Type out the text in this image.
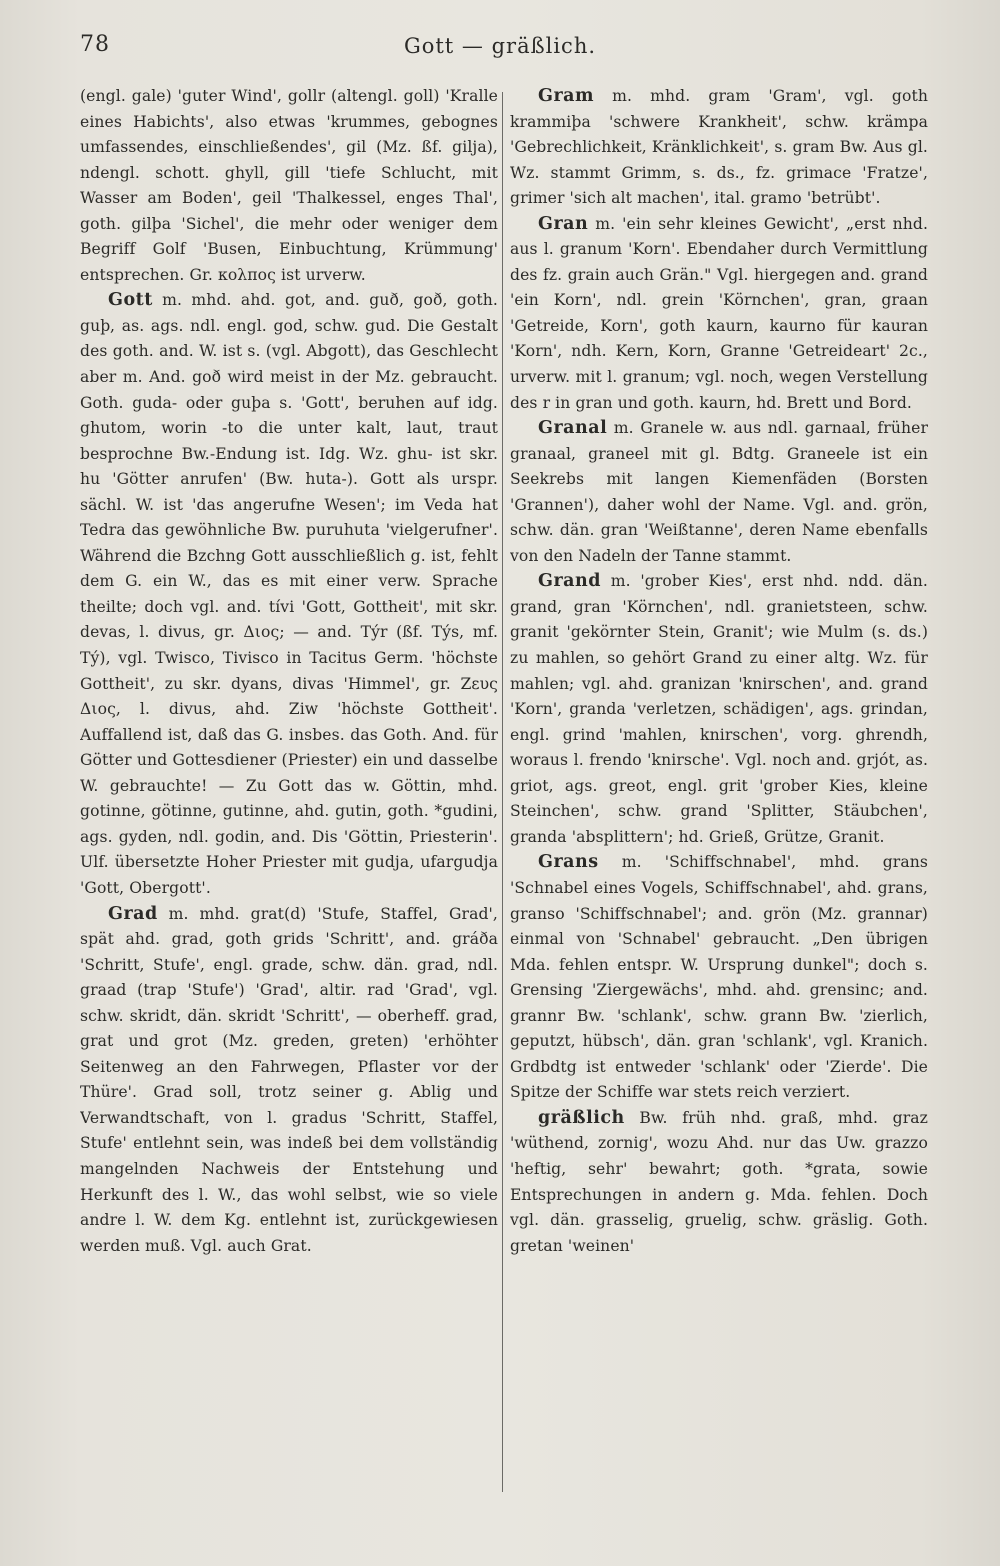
78	Gott — gräßlich.

(engl. gale) 'guter Wind', gollr (altengl. goll) 'Kralle eines Habichts', also etwas 'krummes, gebognes umfassendes, einschließendes', gil (Mz. ßf. gilja), ndengl. schott. ghyll, gill 'tiefe Schlucht, mit Wasser am Boden', geil 'Thalkessel, enges Thal', goth. gilþa 'Sichel', die mehr oder weniger dem Begriff Golf 'Busen, Einbuchtung, Krümmung' entsprechen. Gr. κολπος ist urverw.

Gott m. mhd. ahd. got, and. guð, goð, goth. guþ, as. ags. ndl. engl. god, schw. gud. Die Gestalt des goth. and. W. ist s. (vgl. Abgott), das Geschlecht aber m. And. goð wird meist in der Mz. gebraucht. Goth. guda- oder guþa s. 'Gott', beruhen auf idg. ghutom, worin -to die unter kalt, laut, traut besprochne Bw.-Endung ist. Idg. Wz. ghu- ist skr. hu 'Götter anrufen' (Bw. huta-). Gott als urspr. sächl. W. ist 'das angerufne Wesen'; im Veda hat Tedra das gewöhnliche Bw. puruhuta 'vielgerufner'. Während die Bzchng Gott ausschließlich g. ist, fehlt dem G. ein W., das es mit einer verw. Sprache theilte; doch vgl. and. tívi 'Gott, Gottheit', mit skr. devas, l. divus, gr. Διος; — and. Týr (ßf. Týs, mf. Tý), vgl. Twisco, Tivisco in Tacitus Germ. 'höchste Gottheit', zu skr. dyans, divas 'Himmel', gr. Ζευς Διος, l. divus, ahd. Ziw 'höchste Gottheit'. Auffallend ist, daß das G. insbes. das Goth. And. für Götter und Gottesdiener (Priester) ein und dasselbe W. gebrauchte! — Zu Gott das w. Göttin, mhd. gotinne, götinne, gutinne, ahd. gutin, goth. *gudini, ags. gyden, ndl. godin, and. Dis 'Göttin, Priesterin'. Ulf. übersetzte Hoher Priester mit gudja, ufargudja 'Gott, Obergott'.

Grad m. mhd. grat(d) 'Stufe, Staffel, Grad', spät ahd. grad, goth grids 'Schritt', and. gráða 'Schritt, Stufe', engl. grade, schw. dän. grad, ndl. graad (trap 'Stufe') 'Grad', altir. rad 'Grad', vgl. schw. skridt, dän. skridt 'Schritt', — oberheff. grad, grat und grot (Mz. greden, greten) 'erhöhter Seitenweg an den Fahrwegen, Pflaster vor der Thüre'. Grad soll, trotz seiner g. Ablig und Verwandtschaft, von l. gradus 'Schritt, Staffel, Stufe' entlehnt sein, was indeß bei dem vollständig mangelnden Nachweis der Entstehung und Herkunft des l. W., das wohl selbst, wie so viele andre l. W. dem Kg. entlehnt ist, zurückgewiesen werden muß. Vgl. auch Grat.

Gram m. mhd. gram 'Gram', vgl. goth krammiþa 'schwere Krankheit', schw. krämpa 'Gebrechlichkeit, Kränklichkeit', s. gram Bw. Aus gl. Wz. stammt Grimm, s. ds., fz. grimace 'Fratze', grimer 'sich alt machen', ital. gramo 'betrübt'.

Gran m. 'ein sehr kleines Gewicht', „erst nhd. aus l. granum 'Korn'. Ebendaher durch Vermittlung des fz. grain auch Grän." Vgl. hiergegen and. grand 'ein Korn', ndl. grein 'Körnchen', gran, graan 'Getreide, Korn', goth kaurn, kaurno für kauran 'Korn', ndh. Kern, Korn, Granne 'Getreideart' 2c., urverw. mit l. granum; vgl. noch, wegen Verstellung des r in gran und goth. kaurn, hd. Brett und Bord.

Granal m. Granele w. aus ndl. garnaal, früher granaal, graneel mit gl. Bdtg. Graneele ist ein Seekrebs mit langen Kiemenfäden (Borsten 'Grannen'), daher wohl der Name. Vgl. and. grön, schw. dän. gran 'Weißtanne', deren Name ebenfalls von den Nadeln der Tanne stammt.

Grand m. 'grober Kies', erst nhd. ndd. dän. grand, gran 'Körnchen', ndl. granietsteen, schw. granit 'gekörnter Stein, Granit'; wie Mulm (s. ds.) zu mahlen, so gehört Grand zu einer altg. Wz. für mahlen; vgl. ahd. granizan 'knirschen', and. grand 'Korn', granda 'verletzen, schädigen', ags. grindan, engl. grind 'mahlen, knirschen', vorg. ghrendh, woraus l. frendo 'knirsche'. Vgl. noch and. grjót, as. griot, ags. greot, engl. grit 'grober Kies, kleine Steinchen', schw. grand 'Splitter, Stäubchen', granda 'absplittern'; hd. Grieß, Grütze, Granit.

Grans m. 'Schiffschnabel', mhd. grans 'Schnabel eines Vogels, Schiffschnabel', ahd. grans, granso 'Schiffschnabel'; and. grön (Mz. grannar) einmal von 'Schnabel' gebraucht. „Den übrigen Mda. fehlen entspr. W. Ursprung dunkel"; doch s. Grensing 'Ziergewächs', mhd. ahd. grensinc; and. grannr Bw. 'schlank', schw. grann Bw. 'zierlich, geputzt, hübsch', dän. gran 'schlank', vgl. Kranich. Grdbdtg ist entweder 'schlank' oder 'Zierde'. Die Spitze der Schiffe war stets reich verziert.

gräßlich Bw. früh nhd. graß, mhd. graz 'wüthend, zornig', wozu Ahd. nur das Uw. grazzo 'heftig, sehr' bewahrt; goth. *grata, sowie Entsprechungen in andern g. Mda. fehlen. Doch vgl. dän. grasselig, gruelig, schw. gräslig. Goth. gretan 'weinen'
